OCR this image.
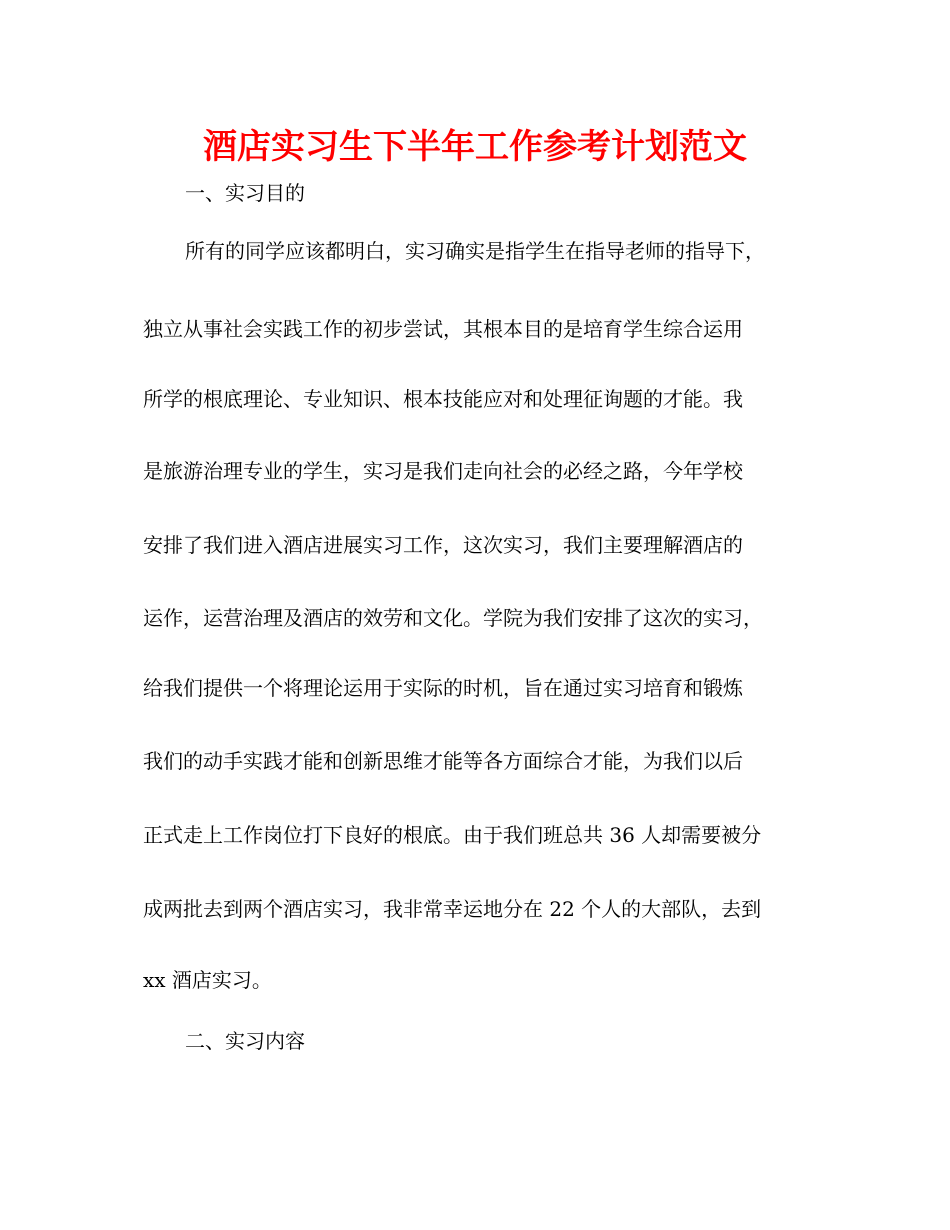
酒店实习生下半年工作参考计划范文
一、实习目的
所有的同学应该都明白，实习确实是指学生在指导老师的指导下，
独立从事社会实践工作的初步尝试，其根本目的是培育学生综合运用
所学的根底理论、专业知识、根本技能应对和处理征询题的才能。我
是旅游治理专业的学生，实习是我们走向社会的必经之路，今年学校
安排了我们进入酒店进展实习工作，这次实习，我们主要理解酒店的
运作，运营治理及酒店的效劳和文化。学院为我们安排了这次的实习，
给我们提供一个将理论运用于实际的时机，旨在通过实习培育和锻炼
我们的动手实践才能和创新思维才能等各方面综合才能，为我们以后
正式走上工作岗位打下良好的根底。由于我们班总共 36 人却需要被分
成两批去到两个酒店实习，我非常幸运地分在 22 个人的大部队，去到
xx 酒店实习。
二、实习内容
